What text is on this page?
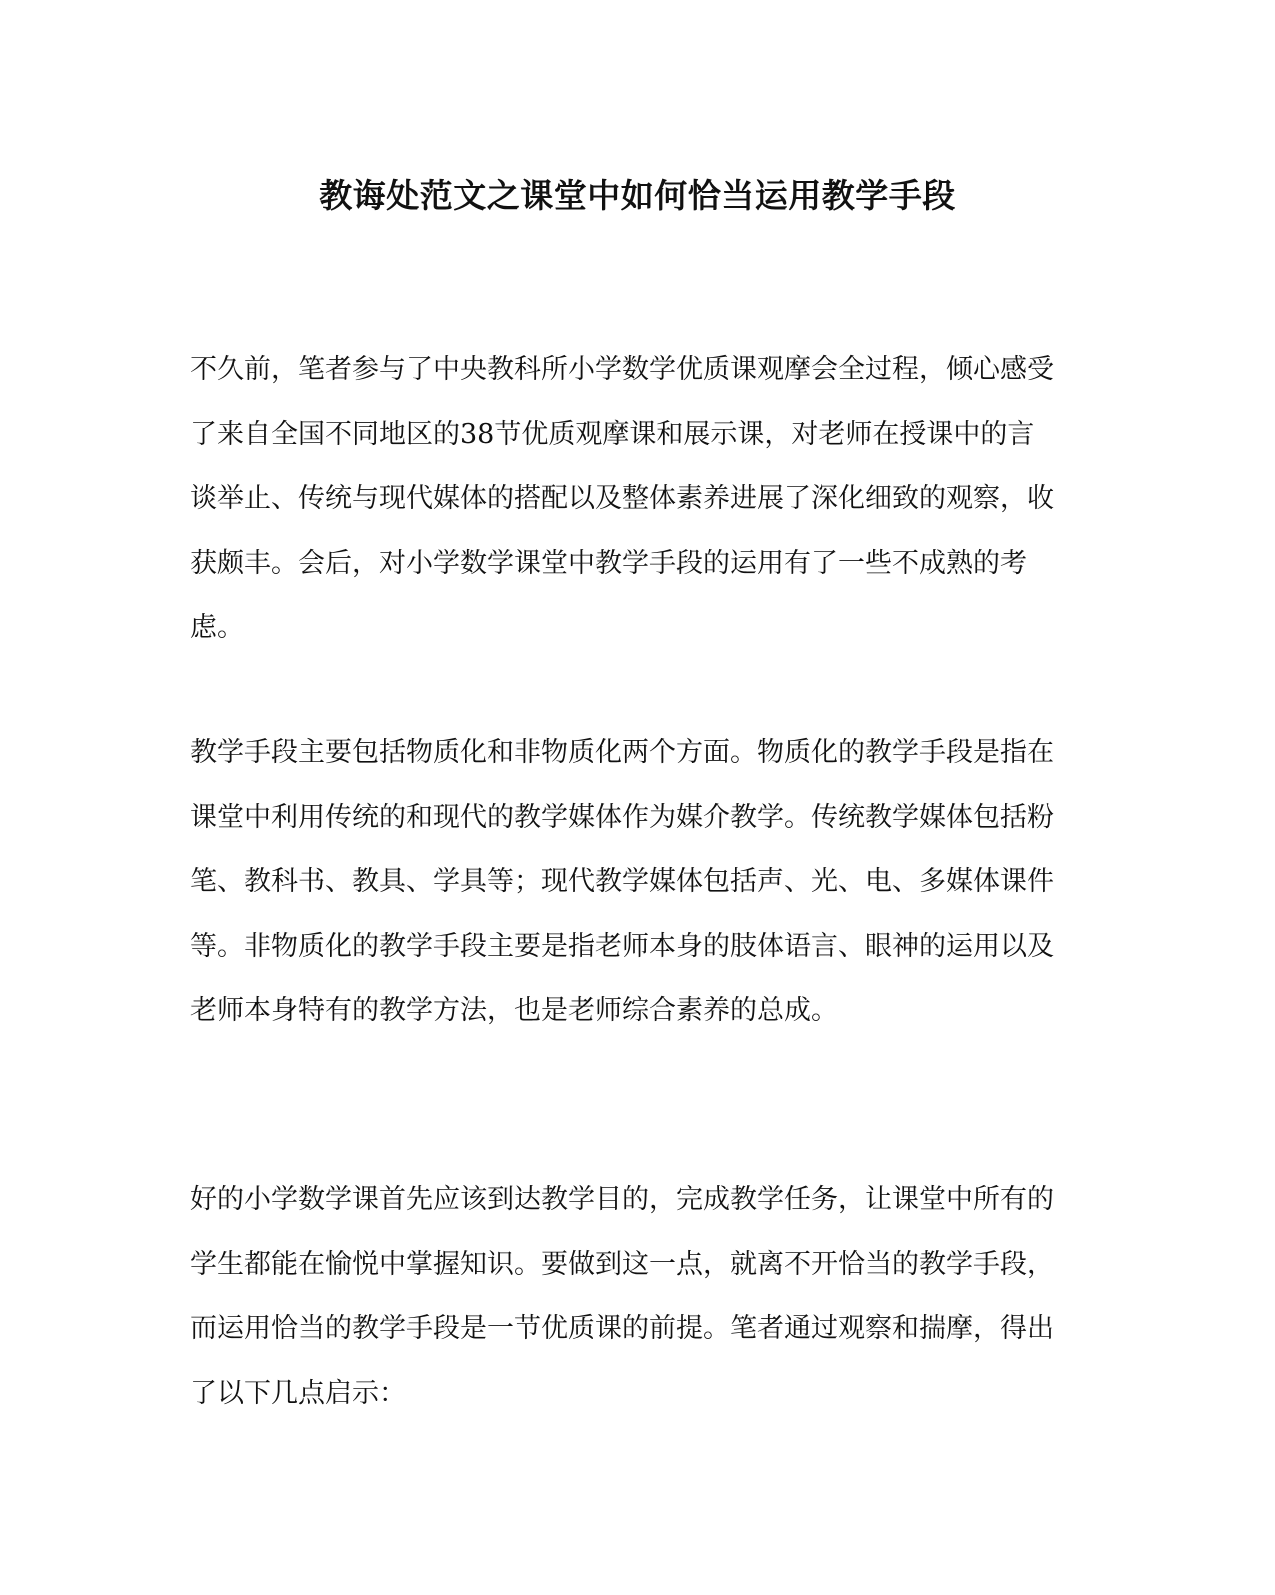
教诲处范文之课堂中如何恰当运用教学手段

不久前，笔者参与了中央教科所小学数学优质课观摩会全过程，倾心感受了来自全国不同地区的38节优质观摩课和展示课，对老师在授课中的言谈举止、传统与现代媒体的搭配以及整体素养进展了深化细致的观察，收获颇丰。会后，对小学数学课堂中教学手段的运用有了一些不成熟的考虑。

教学手段主要包括物质化和非物质化两个方面。物质化的教学手段是指在课堂中利用传统的和现代的教学媒体作为媒介教学。传统教学媒体包括粉笔、教科书、教具、学具等；现代教学媒体包括声、光、电、多媒体课件等。非物质化的教学手段主要是指老师本身的肢体语言、眼神的运用以及老师本身特有的教学方法，也是老师综合素养的总成。

好的小学数学课首先应该到达教学目的，完成教学任务，让课堂中所有的学生都能在愉悦中掌握知识。要做到这一点，就离不开恰当的教学手段，而运用恰当的教学手段是一节优质课的前提。笔者通过观察和揣摩，得出了以下几点启示：
